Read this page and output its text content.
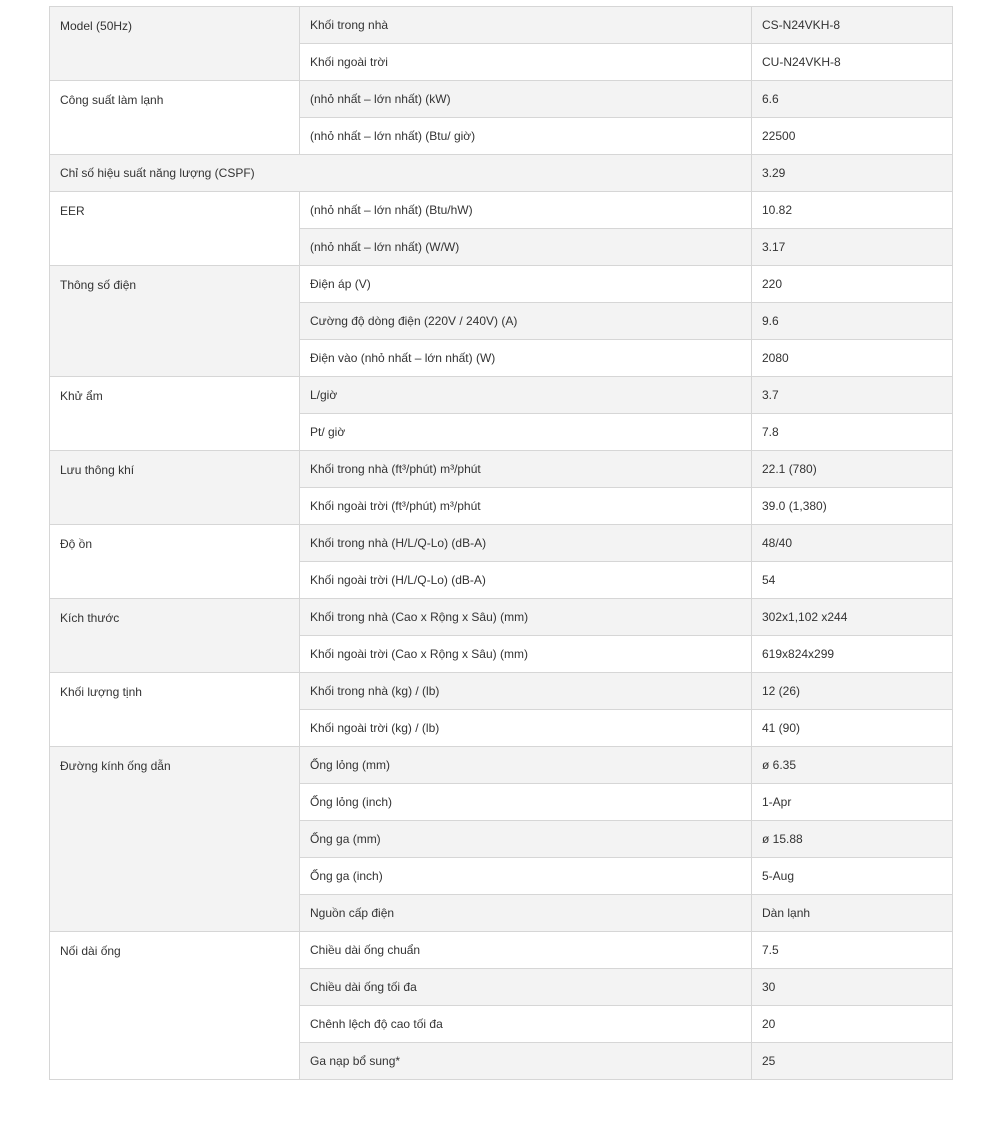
Model (50Hz)	Khối trong nhà	CS-N24VKH-8
	Khối ngoài trời	CU-N24VKH-8
Công suất làm lạnh	(nhỏ nhất – lớn nhất) (kW)	6.6
	(nhỏ nhất – lớn nhất) (Btu/ giờ)	22500
Chỉ số hiệu suất năng lượng (CSPF)		3.29
EER	(nhỏ nhất – lớn nhất) (Btu/hW)	10.82
	(nhỏ nhất – lớn nhất) (W/W)	3.17
Thông số điện	Điện áp (V)	220
	Cường độ dòng điện (220V / 240V) (A)	9.6
	Điện vào (nhỏ nhất – lớn nhất) (W)	2080
Khử ẩm	L/giờ	3.7
	Pt/ giờ	7.8
Lưu thông khí	Khối trong nhà (ft³/phút) m³/phút	22.1 (780)
	Khối ngoài trời (ft³/phút) m³/phút	39.0 (1,380)
Độ ồn	Khối trong nhà (H/L/Q-Lo) (dB-A)	48/40
	Khối ngoài trời (H/L/Q-Lo) (dB-A)	54
Kích thước	Khối trong nhà (Cao x Rộng x Sâu) (mm)	302x1,102 x244
	Khối ngoài trời (Cao x Rộng x Sâu) (mm)	619x824x299
Khối lượng tịnh	Khối trong nhà (kg) / (lb)	12 (26)
	Khối ngoài trời (kg) / (lb)	41 (90)
Đường kính ống dẫn	Ống lỏng (mm)	ø 6.35
	Ống lỏng (inch)	1-Apr
	Ống ga (mm)	ø 15.88
	Ống ga (inch)	5-Aug
	Nguồn cấp điện	Dàn lạnh
Nối dài ống	Chiều dài ống chuẩn	7.5
	Chiều dài ống tối đa	30
	Chênh lệch độ cao tối đa	20
	Ga nạp bổ sung*	25
